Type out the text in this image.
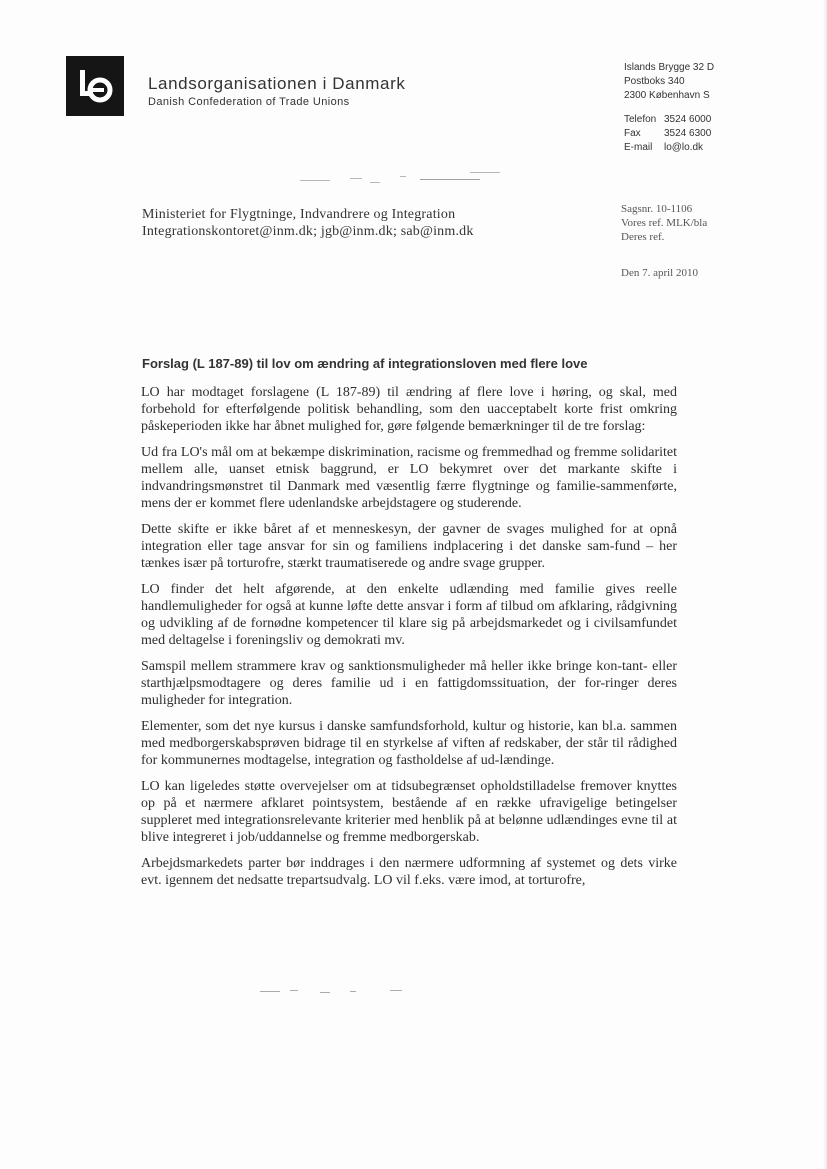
Landsorganisationen i Danmark
Danish Confederation of Trade Unions
Islands Brygge 32 D
Postboks 340
2300 København S
Telefon 3524 6000
Fax	3524 6300
E-mail	lo@lo.dk
Ministeriet for Flygtninge, Indvandrere og Integration
Integrationskontoret@inm.dk; jgb@inm.dk; sab@inm.dk
Sagsnr. 10-1106
Vores ref. MLK/bla
Deres ref.
Den 7. april 2010
Forslag (L 187-89) til lov om ændring af integrationsloven med flere love

LO har modtaget forslagene (L 187-89) til ændring af flere love i høring, og skal, med forbehold for efterfølgende politisk behandling, som den uacceptabelt korte frist omkring påskeperioden ikke har åbnet mulighed for, gøre følgende bemærkninger til de tre forslag:

Ud fra LO's mål om at bekæmpe diskrimination, racisme og fremmedhad og fremme solidaritet mellem alle, uanset etnisk baggrund, er LO bekymret over det markante skifte i indvandringsmønstret til Danmark med væsentlig færre flygtninge og familie-sammenførte, mens der er kommet flere udenlandske arbejdstagere og studerende.

Dette skifte er ikke båret af et menneskesyn, der gavner de svages mulighed for at opnå integration eller tage ansvar for sin og familiens indplacering i det danske sam-fund – her tænkes især på torturofre, stærkt traumatiserede og andre svage grupper.

LO finder det helt afgørende, at den enkelte udlænding med familie gives reelle handlemuligheder for også at kunne løfte dette ansvar i form af tilbud om afklaring, rådgivning og udvikling af de fornødne kompetencer til klare sig på arbejdsmarkedet og i civilsamfundet med deltagelse i foreningsliv og demokrati mv.

Samspil mellem strammere krav og sanktionsmuligheder må heller ikke bringe kon-tant- eller starthjælpsmodtagere og deres familie ud i en fattigdomssituation, der for-ringer deres muligheder for integration.

Elementer, som det nye kursus i danske samfundsforhold, kultur og historie, kan bl.a. sammen med medborgerskabsprøven bidrage til en styrkelse af viften af redskaber, der står til rådighed for kommunernes modtagelse, integration og fastholdelse af ud-lændinge.

LO kan ligeledes støtte overvejelser om at tidsubegrænset opholdstilladelse fremover knyttes op på et nærmere afklaret pointsystem, bestående af en række ufravigelige betingelser suppleret med integrationsrelevante kriterier med henblik på at belønne udlændinges evne til at blive integreret i job/uddannelse og fremme medborgerskab.

Arbejdsmarkedets parter bør inddrages i den nærmere udformning af systemet og dets virke evt. igennem det nedsatte trepartsudvalg. LO vil f.eks. være imod, at torturofre,
